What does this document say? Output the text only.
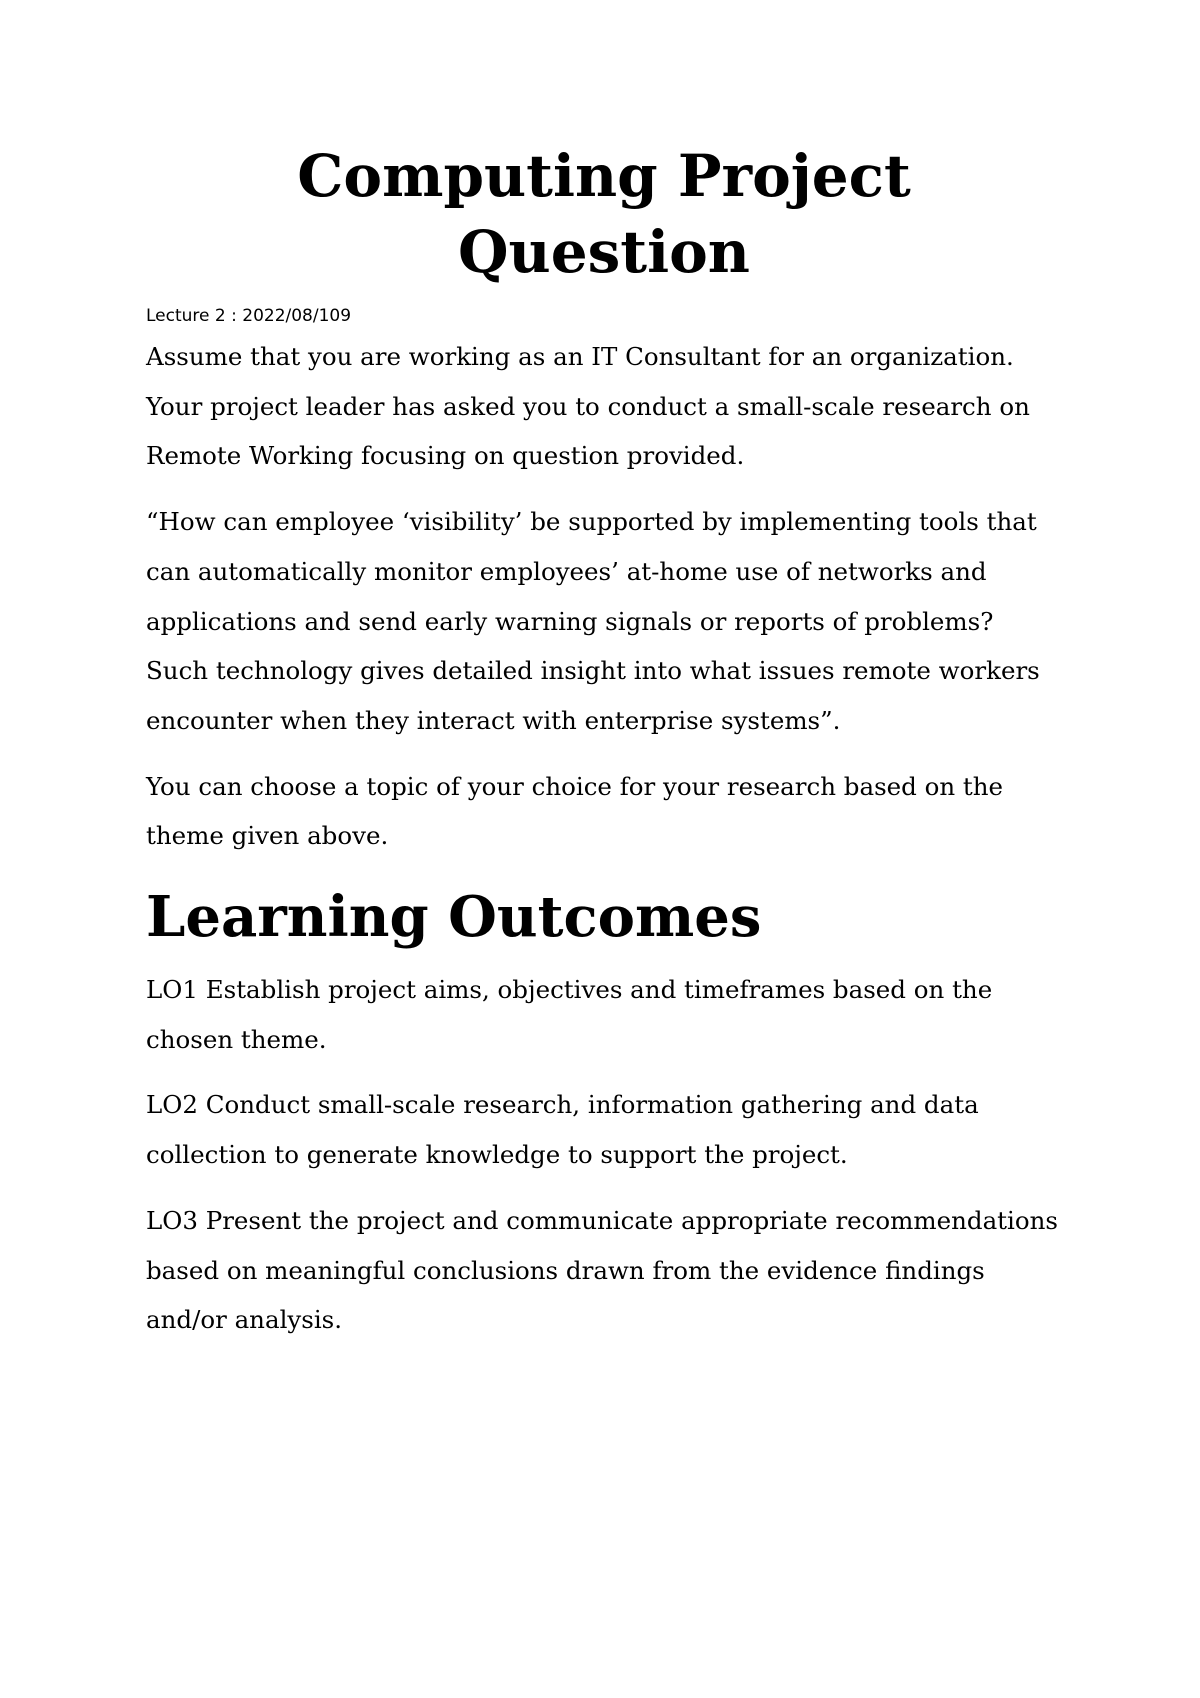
Computing Project Question
Lecture 2 : 2022/08/109

Assume that you are working as an IT Consultant for an organization. Your project leader has asked you to conduct a small-scale research on Remote Working focusing on question provided.

“How can employee ‘visibility’ be supported by implementing tools that can automatically monitor employees’ at-home use of networks and applications and send early warning signals or reports of problems? Such technology gives detailed insight into what issues remote workers encounter when they interact with enterprise systems”.

You can choose a topic of your choice for your research based on the theme given above.

Learning Outcomes

LO1 Establish project aims, objectives and timeframes based on the chosen theme.

LO2 Conduct small-scale research, information gathering and data collection to generate knowledge to support the project.

LO3 Present the project and communicate appropriate recommendations based on meaningful conclusions drawn from the evidence findings and/or analysis.
